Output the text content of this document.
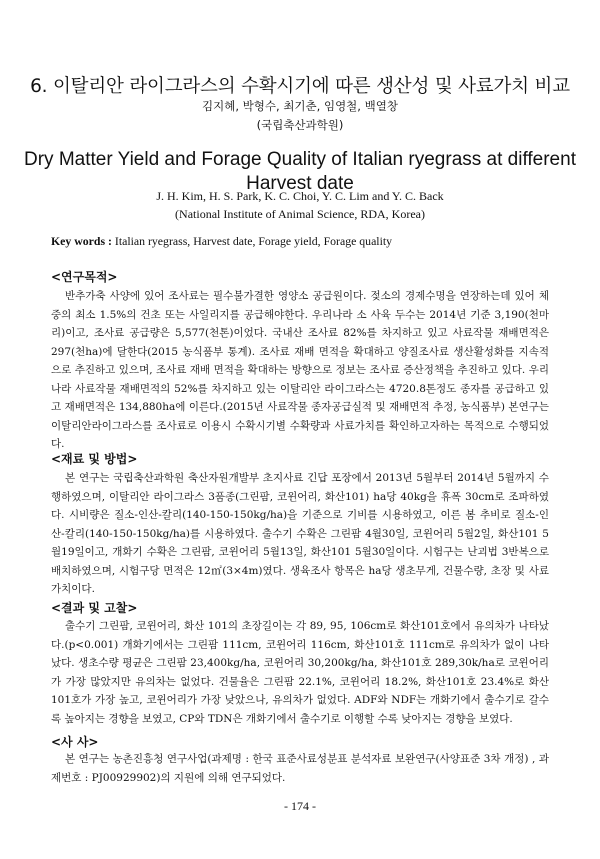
6. 이탈리안 라이그라스의 수확시기에 따른 생산성 및 사료가치 비교
김지혜, 박형수, 최기춘, 임영철, 백열창
(국립축산과학원)
Dry Matter Yield and Forage Quality of Italian ryegrass at different Harvest date
J. H. Kim, H. S. Park, K. C. Choi, Y. C. Lim and Y. C. Back
(National Institute of Animal Science, RDA, Korea)
Key words : Italian ryegrass, Harvest date, Forage yield, Forage quality
<연구목적>
반추가축 사양에 있어 조사료는 필수불가결한 영양소 공급원이다. 젖소의 경제수명을 연장하는데 있어 체중의 최소 1.5%의 건초 또는 사일리지를 공급해야한다. 우리나라 소 사육 두수는 2014년 기준 3,190(천마리)이고, 조사료 공급량은 5,577(천톤)이었다. 국내산 조사료 82%를 차지하고 있고 사료작물 재배면적은 297(천ha)에 달한다(2015 농식품부 통계). 조사료 재배 면적을 확대하고 양질조사료 생산활성화를 지속적으로 추진하고 있으며, 조사료 재배 면적을 확대하는 방향으로 정보는 조사료 증산정책을 추진하고 있다. 우리나라 사료작물 재배면적의 52%를 차지하고 있는 이탈리안 라이그라스는 4720.8톤정도 종자를 공급하고 있고 재배면적은 134,880ha에 이른다.(2015년 사료작물 종자공급실적 및 재배면적 추정, 농식품부) 본연구는 이탈리안라이그라스를 조사료로 이용시 수확시기별 수확량과 사료가치를 확인하고자하는 목적으로 수행되었다.
<재료 및 방법>
본 연구는 국립축산과학원 축산자원개발부 초지사료 긴답 포장에서 2013년 5월부터 2014년 5월까지 수행하였으며, 이탈리안 라이그라스 3품종(그린팜, 코윈어리, 화산101) ha당 40kg을 휴폭 30cm로 조파하였다. 시비량은 질소-인산-칼리(140-150-150kg/ha)을 기준으로 기비를 시용하였고, 이른 봄 추비로 질소-인산-칼리(140-150-150kg/ha)를 시용하였다. 출수기 수확은 그린팜 4월30일, 코윈어리 5월2일, 화산101 5월19일이고, 개화기 수확은 그린팜, 코윈어리 5월13일, 화산101 5월30일이다. 시험구는 난괴법 3반복으로 배치하였으며, 시험구당 면적은 12㎡(3×4m)였다. 생육조사 항목은 ha당 생초무게, 건물수량, 초장 및 사료가치이다.
<결과 및 고찰>
출수기 그린팜, 코윈어리, 화산 101의 초장길이는 각 89, 95, 106cm로 화산101호에서 유의차가 나타났다.(p<0.001) 개화기에서는 그린팜 111cm, 코윈어리 116cm, 화산101호 111cm로 유의차가 없이 나타났다. 생초수량 평균은 그린팜 23,400kg/ha, 코윈어리 30,200kg/ha, 화산101호 289,30k/ha로 코윈어리가 가장 많았지만 유의차는 없었다. 건물율은 그린팜 22.1%, 코윈어리 18.2%, 화산101호 23.4%로 화산 101호가 가장 높고, 코윈어리가 가장 낮았으나, 유의차가 없었다. ADF와 NDF는 개화기에서 출수기로 갈수록 높아지는 경향을 보였고, CP와 TDN은 개화기에서 출수기로 이행할 수록 낮아지는 경향을 보였다.
<사 사>
본 연구는 농촌진흥청 연구사업(과제명 : 한국 표준사료성분표 분석자료 보완연구(사양표준 3차 개정) , 과제번호 : PJ00929902)의 지원에 의해 연구되었다.
- 174 -
